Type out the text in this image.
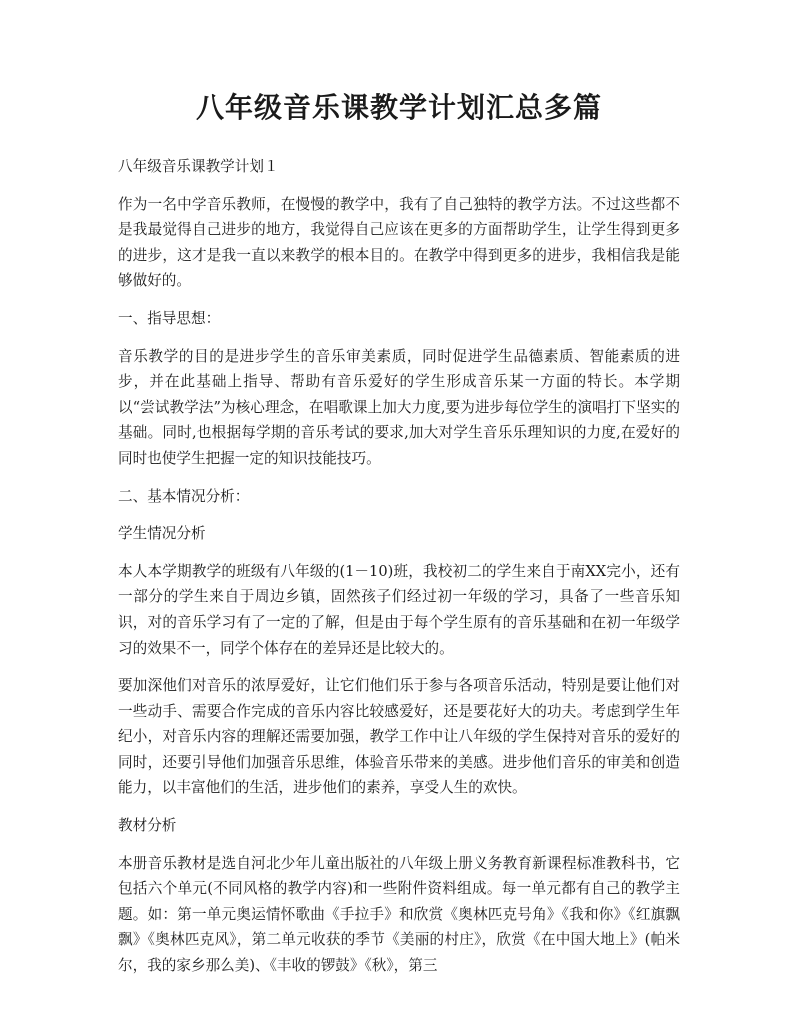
八年级音乐课教学计划汇总多篇

八年级音乐课教学计划１

作为一名中学音乐教师，在慢慢的教学中，我有了自己独特的教学方法。不过这些都不是我最觉得自己进步的地方，我觉得自己应该在更多的方面帮助学生，让学生得到更多的进步，这才是我一直以来教学的根本目的。在教学中得到更多的进步，我相信我是能够做好的。

一、指导思想：

音乐教学的目的是进步学生的音乐审美素质，同时促进学生品德素质、智能素质的进步，并在此基础上指导、帮助有音乐爱好的学生形成音乐某一方面的特长。本学期以“尝试教学法”为核心理念，在唱歌课上加大力度,要为进步每位学生的演唱打下坚实的基础。同时,也根据每学期的音乐考试的要求,加大对学生音乐乐理知识的力度,在爱好的同时也使学生把握一定的知识技能技巧。

二、基本情况分析：

学生情况分析

本人本学期教学的班级有八年级的(1－10)班，我校初二的学生来自于南XX完小，还有一部分的学生来自于周边乡镇，固然孩子们经过初一年级的学习，具备了一些音乐知识，对的音乐学习有了一定的了解，但是由于每个学生原有的音乐基础和在初一年级学习的效果不一，同学个体存在的差异还是比较大的。

要加深他们对音乐的浓厚爱好，让它们他们乐于参与各项音乐活动，特别是要让他们对一些动手、需要合作完成的音乐内容比较感爱好，还是要花好大的功夫。考虑到学生年纪小，对音乐内容的理解还需要加强，教学工作中让八年级的学生保持对音乐的爱好的同时，还要引导他们加强音乐思维，体验音乐带来的美感。进步他们音乐的审美和创造能力，以丰富他们的生活，进步他们的素养，享受人生的欢快。

教材分析

本册音乐教材是选自河北少年儿童出版社的八年级上册义务教育新课程标准教科书，它包括六个单元(不同风格的教学内容)和一些附件资料组成。每一单元都有自己的教学主题。如：第一单元奥运情怀歌曲《手拉手》和欣赏《奥林匹克号角》《我和你》《红旗飘飘》《奥林匹克风》，第二单元收获的季节《美丽的村庄》，欣赏《在中国大地上》(帕米尔，我的家乡那么美)、《丰收的锣鼓》《秋》，第三
